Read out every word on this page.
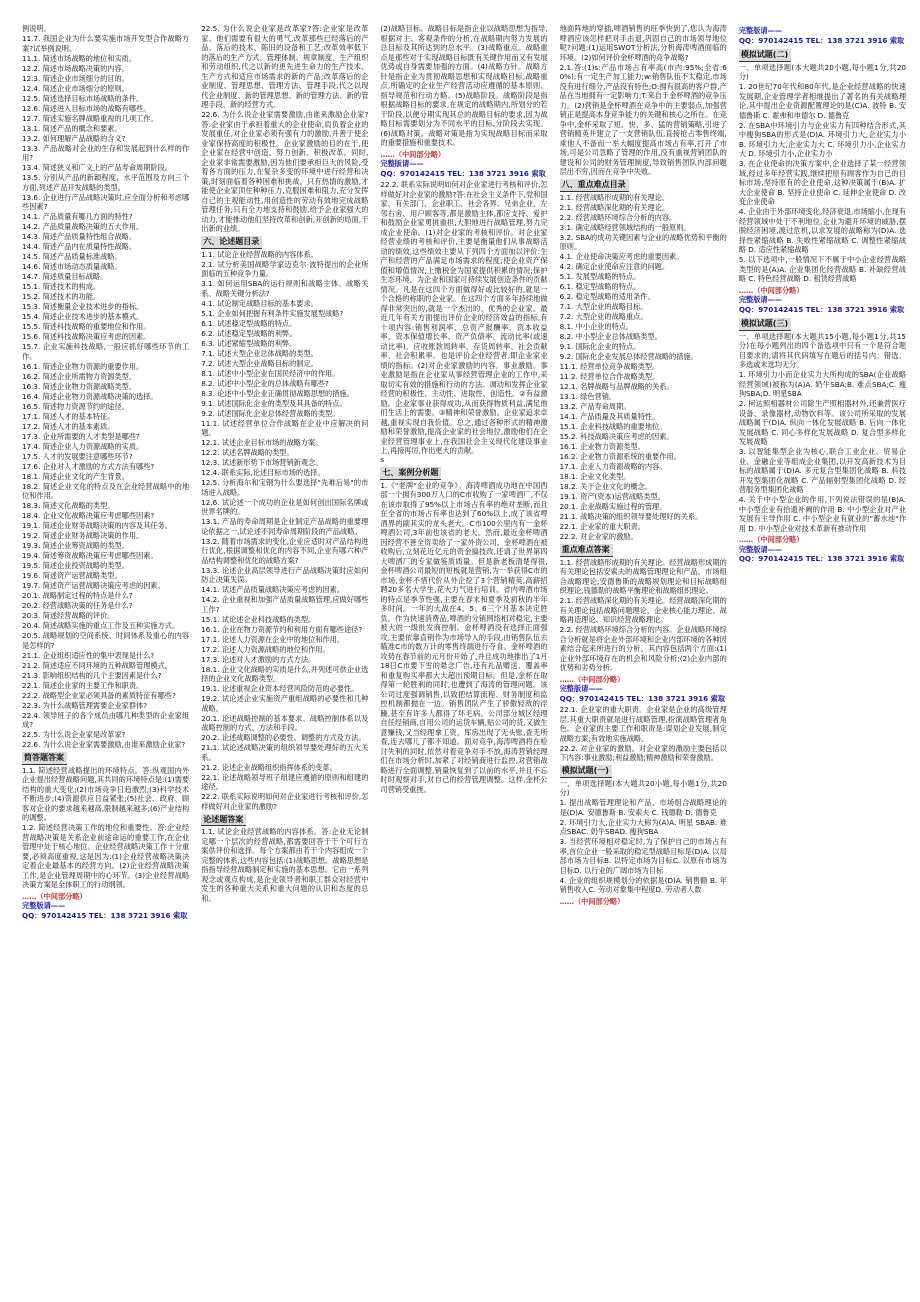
例说明。

11.7. 我国企业为什么要实施市场开发型合作战略方案?试举例说明。

11.1. 简述市场战略的地位和实质。

12.2. 简述市场战略决策的内容。

12.3. 简述企业市场细分的目的。

12.4. 简述企业市场细分的原则。

12.5. 简述选择目标市场战略的条件。

12.6. 简述进入目标市场的战略有哪些。

12.7. 简述实施名牌战略重视的几项工作。

13.1. 简述产品的概念和要素。

13.2. 如何理解产品战略的含义?

13.3. 产品战略对企业的生存和发展起到什么样的作用?

13.4. 简述狭义和广义上的产品寿命周期阶段。

13.5. 分别从产品的新颖程度、水平范围及方向三个方面,列述产品开发战略的类型。

13.6. 企业进行产品战略决策时,应全面分析和考虑哪些因素?

14.1. 产品质量有哪几方面的特性?

14.2. 产品质量战略决策的五大作用。

14.3. 简述产品质量特性组合战略。

14.4. 简述产品内在质量特性战略。

14.5. 简述产品质量标准战略。

14.6. 简述市场动态质量战略。

14.7. 简述质量目标战略。

15.1. 简述技术的构成。

15.2. 简述技术的功能。

15.3. 简述衡量企业技术进步的指标。

15.4. 简述企业技术进步的基本模式。

15.5. 简述科技战略的重要地位和作用。

15.6. 简述科技战略决策应考虑的因素。

15.7. 企业实施科技战略,一般应抓好哪些环节的工作。

16.1. 简述企业物力资源的重要作用。

16.2. 简述企业所需物力资源类型。

16.3. 简述企业物力资源战略类型。

16.4. 简述企业物力资源战略决策的选择。

16.5. 简述物力资源节约的途径。

17.1. 简述人才的基本特征。

17.2. 简述人才的基本素质。

17.3. 企业所需要的人才类型是哪些?

17.4. 简述企业人力资源战略的实质。

17.5. 人才的发展要注意哪些环节?

17.6. 企业对人才激励的方式方法有哪些?

18.1. 简述企业文化的产生背景。

18.2. 简述企业文化的特点及在企业经营战略中的地位和作用。

18.3. 简述文化战略的类型。

18.4. 企业文化战略决策应考虑哪些因素?

19.1. 简述企业财务战略决策的内容及其任务。

19.2. 简述企业财务战略决策的作用。

19.3. 简述企业筹资战略的类型。

19.4. 简述筹资战略决策应考虑哪些因素。

19.5. 简述企业投资战略的类型。

19.6. 简述资产运营战略类型。

19.7. 简述资产运营战略决策应考虑的因素。

20.1. 战略制定过程的特点是什么?

20.2. 经营战略决策的任务是什么?

20.3. 简述经营战略的评价。

20.4. 简述战略实施的重点工作及五种实施方式。

20.5. 战略规划的空间系统、时间体系及重心的内容是怎样的?

21.1. 企业组织适应性的集中表现是什么?

21.2. 简述适应不同环境的五种战略管理模式。

21.3. 影响组织结构的几个主要因素是什么?

22.1. 简述企业家的主要工作和职责。

22.2. 战略型企业家必须具备的素质特征有哪些?

22.3. 为什么战略管理需要企业家群体?

22.4. 领导班子的各个成员由哪几种类型的企业家组成?

22.5. 为什么说企业家是改革家?

22.6. 为什么说企业家需要激励,由谁来激励企业家?

简答题答案

1.1. 简述经营战略提出的环境特点。答:纵观国内外企业提出经营战略问题,其共同的环境特点是:(1)需要结构的重大变化;(2)市场竞争日趋激烈;(3)科学技术不断进步;(4)资源供应日益紧张;(5)社会、政府、顾客对企业的要求越来越高,限制越来越多;(6)产业结构的调整。

1.2. 简述经营决策工作的地位和重要性。答:企业经营战略决策是关系企业前途命运的重要工作,在企业管理中处于核心地位。企业经营战略决策工作十分重要,必须高度重视,这是因为:(1)企业经营战略决策决定着企业最基本的经营方向。(2)企业经营战略决策工作,是企业管理周期中的心环节。(3)企业经营战略决策方案是全体职工的行动纲领。

……（中间部分略）
完整版请——
QQ：970142415 TEL：138 3721 3916 索取

22.5. 为什么说企业家是改革家?答:企业家是改革家。他们需要有很大的勇气,改革那些已经落后的产品、落后的技术、陈旧的设备和工艺;改革效率低下的落后的生产方式、管理体制、规章制度、生产组织和劳动组织,代之以新的更先进生命力的生产技术、生产方式和适应市场需求的新的产品;改革落后的企业制度、管理思想、管理方法、管理手段,代之以现代企业制度、新的管理思想、新的管理方法、新的管理手段、新的经营方式。

22.6. 为什么说企业家需要激励,由谁来激励企业家?答:企业家由于承担着重大的企业使命,肩负着企业的发展重任,对企业家必须有强有力的激励,并善于使企业家保持高度的积极性。企业家激励的目的在于,使企业家在经营中创造、努力创新、积极改革。同时,企业家非常需要激励,因为他们要承担巨大的风险,受着各方面的压力,在复杂多变的环境中进行经营和决策,时刻面临着各种困难和挑战。只有热情的激励,才能使企业家顶住种种压力,克服困难和阻力,充分发挥自己的主观能动性,用创造性的劳动有效地完成战略管理任务;只有全力地支持和鼓励,给予企业家强大的动力,才能推动他们坚持改革和创新,开创新的局面,干出新的业绩。

六、论述题目录

1.1. 试论企业经营战略的内容体系。

2.1. 试分析美国战略学家迈克尔·波特提出的企业所面临的五种竞争力量。

3.1. 如何运用SBA的运行规则和战略主体、战略关系、战略关键分析法?

4.1. 试论制定战略目标的基本要求。

5.1. 企业如何把握有利条件实施发展型战略?

6.1. 试述稳定型战略的特点。

6.2. 试述稳定型战略的利弊。

6.3. 试述紧缩型战略的利弊。

7.1. 试述大型企业总体战略的类型。

7.2. 试述大型企业战略目标的制定。

8.1. 试述中小型企业在国民经济中的作用。

8.2. 试述中小型企业的总体战略有哪些?

8.3. 论述中小型企业正确贯彻战略思想的措施。

9.1. 试述国际化企业的类型及其具备的特点。

9.2. 试述国际化企业总体经营战略的类型。

11.1. 试述经营单位合作战略在企业中应解决的问题。

12.1. 试述企业目标市场的战略方案。

12.2. 试述名牌战略的类型。

12.3. 试述新形势下市场营销新观念。

12.4. 联系实际,论述目标市场的选择。

12.5. 分析海尔和宝钢为什么要选择"先难后易"的市场进入战略。

12.6. 试论述一个成功的企业是如何创出国际名牌或世界名牌的。

13.1. 产品的寿命周期是企业制定产品战略的重要理论依据之一,试论述不同寿命周期阶段的产品战略。

13.2. 随着市场需求的变化,企业应适时对产品结构进行优化,根据调整和优化的内容不同,企业有哪六种产品结构调整和优化的战略方案?

13.3. 论述企业高层领导进行产品战略决策时应如何防止决策失误。

14.1. 试述产品质量战略决策应考虑的因素。

14.2. 企业重视和加强产品质量战略管理,应做好哪些工作?

15.1. 试论述企业科技战略的类型。

16.1. 企业在物力资源节约和利用方面有哪些途径?

17.1. 论述人力资源在企业中的地位和作用。

17.2. 论述人力资源战略的地位和作用。

17.3. 论述对人才激励的方式方法。

18.1. 企业文化战略的实质是什么,并列述可供企业选择的企业文化战略类型。

19.1. 论述重视企业资本经营风险防范的必要性。

19.2. 试论述企业实施资产重组战略的必要性和几种战略。

20.1. 论述战略控制的基本要求、战略控制体系以及战略控制的方式、方法和手段。

20.2. 论述战略调整的必要性、调整的方式及方法。

21.1. 试论述战略决策的组织领导要处理好的五大关系。

21.2. 论述企业战略组织指挥体系的变革。

22.1. 论述战略领导班子组建应遵循的原则和组建的途径。

22.2. 联系实际说明如何对企业家进行考核和评价,怎样做好对企业家的激励?

论述题答案

1.1. 试论企业经营战略的内容体系。答:企业无论制定哪一个层次的经营战略,都需要回答于干个可行方案供评价和选择。每个方案都由若干个内容组成一个完整的体系,这些内容包括:(1)战略思想。战略思想是指指导经营战略制定和实施的基本思想。它由一系列观念或观点构成,是企业领导者和职工群众对经营中发生的各种重大关系和重大问题的认识和态度的总和。

(2)战略目标。战略目标是指企业以战略思想为指导,根据对主、客观条件的分析,在战略期内努力发展的总目标及其所达到的总水平。(3)战略重点。战略重点是那些对于实现战略目标既有关键作用而又有发展优势或自身需要加强的方面。(4)战略方针。战略方针是指企业为贯彻战略思想和实现战略目标,战略重点,所确定的企业生产经营活动应遵循的基本原则、指导规范和行动方略。(5)战略阶段。战略阶段是指根据战略目标的要求,在规定的战略期内,所划分的若干阶段,以便分期实现其总的战略目标的要求,因为战略目标需要划分为不同水平的目标,分阶段去实现。(6)战略对策。战略对策是指为实现战略目标而采取的重要措施和重要技术。

……（中间部分略）
完整版请——
QQ：970142415 TEL：138 3721 3916 索取

22.2. 联系实际说明如何对企业家进行考核和评价,怎样做好对企业家的激励?答:在社会主义条件下,党和国家、有关部门、企业职工、社会各界、兄弟企业、左邻右舍、用户顾客等,都是激励主体,都应支持、爱护和鼓励企业家勇挑重担,大胆地进行战略管理,努力完成企业使命。(1)对企业家的考核和评价。对企业家经营业绩的考核和评价,主要是衡量他们从事战略活动的绩效,这些绩效主要从下列四个方面加以评价:生产和经营的产品满足市场需求的程度;使企业资产保值和增值情况;上缴税金为国家提供积累的情况;保护生态环境、为企业和国家可持续发展创造条件的贡献情况。凡是在这四个方面做得好或比较好的,就是一个合格的称职的企业家。在这四个方面多年持续地做得非常突出的,就是一个杰出的、优秀的企业家。最近几年有关方面提出评价企业的经济效益的指标,有十项内容:销售利润率、总资产报酬率、资本收益率、资本保值增长率、资产负债率、流动比率(或速动比率)、应收账款周转率、存货周转率、社会贡献率、社会积累率。也是评价企业经营者,即企业家业绩的指标。(2)对企业家激励的内容。事业激励。事业激励是指在企业家从事经营管理企业的工作中,采取切实有效的措施和行动的方法。调动和发挥企业家经营的积极性、主动性、进取性、创造性。②有益激励。企业家事业获得成功,从而获得物质利益,满足他们生活上的需要。③精神和荣誉激励。企业家追求卓越,重视实现自我价值。总之,通过各种形式的精神激励和荣誉激励,提高企业家的社会地位,激励他们在企业经营管理事业上,在我国社会主义现代化建设事业上,再接再厉,作出更大的贡献。

s
七、案例分析题

1.《"老牌"企业的竞争》。海涛啤酒成功地在中国西部一个拥有300万人口的C市收购了一家啤酒厂,不仅在该市取得了95%以上市场占有率的绝对垄断,而且在全省的市场占有率也达到了60%以上,成了该省啤酒界的副其实的龙头老大。C市100公里内有一金杯啤酒公司,3年前也该省的老大。然而,最近金杯啤酒因经营不善全资卖给了一家外资公司。金杯啤酒在被收购后,立刻花近亿元的资金搞技改,还请了世界第四大啤酒厂的专家做鉴质质量。但是新老板清楚得很,金杯啤酒公司最短的短板就是营销,为一举获得C市的市场,金杯不惜代价从外企挖了3个营销精英,高薪招聘20多名大学生,花大力气进行培训。省内啤酒市场的特点是季节性强,主要在春末和夏季及初秋的半年多时间。一年的大战在4、5、6三个月基本决定胜负。作为快速消费品,啤酒的分销网络相对稳定,主要被大的一级批发商控制。金杯啤酒没有选择正面强攻,主要依靠直销作为市场导入的手段,由销售队伍去瞄准C市的数万计的零售终端进行夺食。金杯啤酒的攻势在春节前的元月份开始了,并且成功地推出了1月18日C市要下雪的悬念广告,还有礼品赠送、覆盖率和重复购买率都大大超出预期目标。但是,金杯在取得第一轮胜利的同时,也遭到了海涛的管理问题。该公司过度强调销售,以致把结算流程、财务制度和监控机制都抛在一边。销售团队产生了骄傲轻敌的浮躁,甚至有许多人都得了坏毛病。公司部分城区经理自任经销商,自用公司的运货车辆,贴公司的货,又做生意赚钱,又当经理拿工资。库房出现了无头账,查无所查,连去哪儿了都不知道。面对竞争,海涛啤酒将在检讨失利的同时,依然对着竞争对手不放,海涛营销经理们在市场分析时,加紧了对经销商进行监控,对营销战略进行全面调整,销量恢复到了以前的水平,并且不忘时时观察对手,对自己的经营管理调整。这样,金杯公司营销受重挫。

地面阵地的穿插,啤酒销售的旺季快到了,您认为海涛啤酒应该怎样把对手击退,巩固自己的市场领导地位呢?问题:(1)运用SWOT分析法,分析海涛啤酒面临的环境。(2)如何评价金杯啤酒的竞争战略?

2.1.答:(1)s:产品市场占有率高(市内:95%;全省:60%);有一定生产加工能力;w:销售队伍不太稳定,市场没有进行细分,产品没有特色;O:拥有很高的客户群,产品在当地拥有一定影响力;T:来自于金杯啤酒的竞争压力。(2)营销是金杯啤酒在竞争中的主要弱点,加强营销正是提高本身竞争能力的关键和核心之所在。在竞争中,金杯采取了短、快、多、猛的营销策略,引进了营销精英并建立了一支营销队伍,直接抢占零售终端,乘他人不备而一举大幅度提高市场占有率,打开了市场,可是公司忽略了管理的作用,没有重视营销团队的建设和公司的财务管理制度,导致销售团队内部问题层出不穷,因而在竞争中失败。

八、重点难点目录

1.1. 经营战略形成期的有关理论。

2.1. 经营战略深化期的有关理论。

2.2. 经营战略环境综合分析的内容。

3.1. 确定战略经营领域结构的一般原则。

3.2. SBA的成功关键因素与企业的战略优势和平衡的原则。

4.1. 企业使命决策应考虑的重要因素。

4.2. 确定企业使命应注意的问题。

5.1. 发展型战略的特点。

6.1. 稳定型战略的特点。

6.2. 稳定型战略的适用条件。

7.1. 大型企业的战略目标。

7.2. 大型企业的战略重点。

8.1. 中小企业的特点。

8.2. 中小型企业总体战略类型。

9.1. 国际化企业的特点。

9.2. 国际化企业发展总体经营战略的措施。

11.1. 经营单位竞争战略类型。

11.2. 经营单位合作战略类型。

12.1. 名牌战略与品牌战略的关系。

13.1. 绿色营销。

13.2. 产品寿命周期。

14.1. 产品质量及其质量特性。

15.1. 企业科技战略的重要地位。

15.2. 科技战略决策应考虑的因素。

16.1. 企业物力资源类型。

16.2. 企业物力资源系统的重要作用。

17.1. 企业人力资源战略的内容。

18.1. 企业文化类型。

18.2. 关于企业文化的概念。

19.1. 资产(资本)运营战略类型。

20.1. 企业战略实施过程的管理。

21.1. 战略决策的组织领导要处理好的关系。

22.1. 企业家的重大职责。

22.2. 对企业家的激励。

重点难点答案

1.1. 经营战略形成期的有关理论。经营战略形成期的有关理论包括安索夫的战略管理理论和产品、市场组合战略理论;安德鲁斯的战略规划理论和目标战略组织理论,钱德勒的战略平衡理论和战略组织理论。

2.1. 经营战略深化期的有关理论。经营战略深化期的有关理论包括战略问题理论、企业核心能力理论、战略再造理论、知识经营战略理论。

2.2. 经营战略环境综合分析的内容。企业战略环境综合分析就是将企业外部环境和企业内部环境的各种因素结合起来所进行的分析。其内容包括两个方面:(1)企业外部环境存在的机会和风险分析;(2)企业内部的优势和劣势分析。

……（中间部分略）
完整版请——
QQ：970142415 TEL：138 3721 3916 索取

22.1. 企业家的重大职责。企业家是企业的高级管理层,其重大职责就是进行战略管理,扮演战略管理者角色。企业家的主要工作和职责是:谋划企业发展,制定战略方案;有效地实施战略。

22.2. 对企业家的激励。对企业家的激励主要包括以下内容:事业激励;利益激励;精神激励和荣誉激励。

模拟试题(一)

一、单项选择题(本大题共20小题,每小题1分,共20分)

1. 提出战略管理理论和产品、市场组合战略理论的是(D)A. 安德鲁斯 B. 安索夫 C. 钱德勒 D. 德鲁克

2. 环境引力大,企业实力大称为(A)A. 明星 SBAB. 难点SBAC. 奶牛SBAD. 瘦狗SBA

3. 当经营环境相对稳定时,为了保护自己的市场占有率,首位企业一般采取的稳定型战略目标是(D)A. 以局部市场为目标B. 以特定市场为目标C. 以原有市场为目标D. 以行业的广阔市场为目标

4. 企业的组织规模划分的依据是(D)A. 销售额 B. 年销售收入C. 劳动对象集中程度D. 劳动者人数

……（中间部分略）
完整版请——
QQ：970142415 TEL：138 3721 3916 索取
模拟试题(二)

一、单项选择题(本大题共20小题,每小题1分,共20分)

1. 20世纪70年代和80年代,是企业经营战略的快速发展期,企业管理学者相继提出了著名的有关战略理论,其中提出企业资源配置理论的是(C)A. 波特 B. 安德鲁斯 C. 霍弗和申德尔 D. 德鲁克

2. 在SBA中环境引力与企业实力有四种结合形式,其中瘦狗SBA的形式是(D)A. 环境引力大,企业实力小 B. 环境引力大,企业实力大 C. 环境引力小,企业实力大 D. 环境引力小,企业实力小

3. 在企业使命的决策方案中,企业选择了某一经营领域,经过多年经营实践,继续把原有顾客作为自己的目标市场,坚持原有的企业使命,这种决策属于(B)A. 扩大企业使命 B. 坚持企业使命 C. 延伸企业使命 D. 改变企业使命

4. 企业由于外部环境变化,经济衰退,市场缩小,在现有经营领域中处于不利地位,企业为避开环境的威胁,摆脱经济困境,渡过危机,以求发展的战略称为(D)A. 选择性紧缩战略 B. 失败性紧缩战略 C. 调整性紧缩战略 D. 适应性紧缩战略

5. 以下选项中,一般情况下不属于中小企业经营战略类型的是(A)A. 企业集团化经营战略 B. 补缺经营战略 C. 特色经营战略 D. 租赁经营战略

……（中间部分略）
完整版请——
QQ：970142415 TEL：138 3721 3916 索取
模拟试题(三)

一、单项选择题(本大题共15小题,每小题1分,共15分)在每小题列出的四个备选项中只有一个是符合题目要求的,请将其代码填写在题后的括号内。错选、多选或未选均无分。

1. 环境引力小而企业实力大所构成的SBA(企业战略经营领域)被称为(A)A. 奶牛SBA;B. 难点SBA;C. 瘦狗SBA;D. 明星SBA

2. 柯达照相器材公司除生产照相器材外,还兼营医疗设备、录像器材,动物饮料等。该公司所采取的发展战略属于(D)A. 纵向一体化发展战略 B. 后向一体化发展战略 C. 同心多样化发展战略 D. 复合型多样化发展战略

3. 以智能集型企业为核心,联合工业企业、贸易企业、金融企业等组成企业集团,以开发高新技术为目标的战略属于(D)A. 多元复合型集团化战略 B. 科技开发型集团化战略 C. 产品辐射型集团化战略 D. 经营服务型集团化战略

4. 关于中小型企业的作用,下列说法错误的是(B)A. 中小型企业有拾遗补阙的作用 B. 中小型企业对产业发展有主导作用 C. 中小型企业有就业的"蓄水池"作用 D. 中小型企业对技术革新有推动作用

……（中间部分略）
完整版请——
QQ：970142415 TEL：138 3721 3916 索取
